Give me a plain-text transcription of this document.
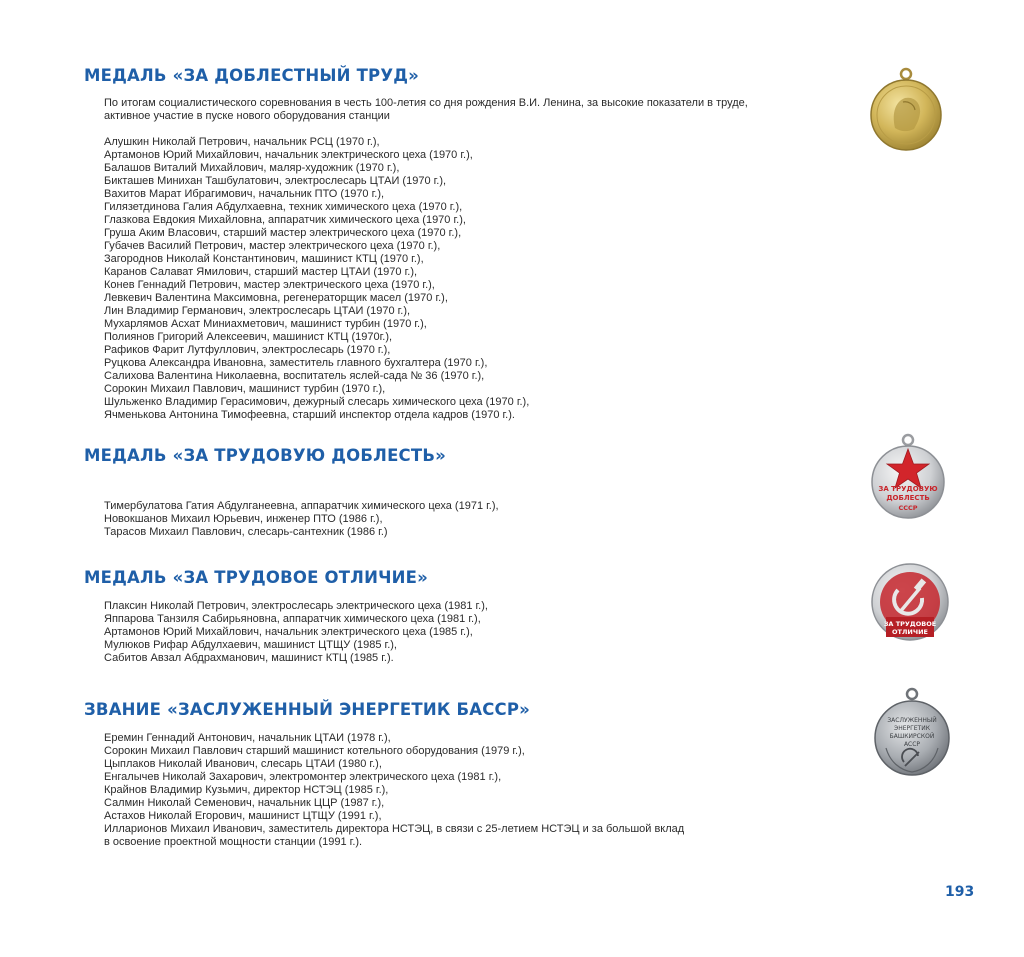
МЕДАЛЬ «ЗА ДОБЛЕСТНЫЙ ТРУД»
По итогам социалистического соревнования в честь 100-летия со дня рождения В.И. Ленина, за высокие показатели в труде, активное участие в пуске нового оборудования станции
Алушкин Николай Петрович, начальник РСЦ (1970 г.),
Артамонов Юрий Михайлович, начальник электрического цеха (1970 г.),
Балашов Виталий Михайлович, маляр-художник (1970 г.),
Бикташев Минихан Ташбулатович, электрослесарь ЦТАИ (1970 г.),
Вахитов Марат Ибрагимович, начальник ПТО (1970 г.),
Гилязетдинова Галия Абдулхаевна, техник химического цеха (1970 г.),
Глазкова Евдокия Михайловна, аппаратчик химического цеха (1970 г.),
Груша Аким Власович, старший мастер электрического цеха (1970 г.),
Губачев Василий Петрович, мастер электрического цеха (1970 г.),
Загороднов Николай Константинович, машинист КТЦ (1970 г.),
Каранов Салават Ямилович, старший мастер ЦТАИ (1970 г.),
Конев Геннадий Петрович, мастер электрического цеха (1970 г.),
Левкевич Валентина Максимовна, регенераторщик масел (1970 г.),
Лин Владимир Германович, электрослесарь ЦТАИ (1970 г.),
Мухарлямов Асхат Миниахметович, машинист турбин (1970 г.),
Полиянов Григорий Алексеевич, машинист КТЦ (1970г.),
Рафиков Фарит Лутфуллович, электрослесарь (1970 г.),
Руцкова Александра Ивановна, заместитель главного бухгалтера (1970 г.),
Салихова Валентина Николаевна, воспитатель яслей-сада № 36 (1970 г.),
Сорокин Михаил Павлович, машинист турбин (1970 г.),
Шульженко Владимир Герасимович, дежурный слесарь химического цеха (1970 г.),
Ячменькова Антонина Тимофеевна, старший инспектор отдела кадров (1970 г.).
МЕДАЛЬ «ЗА ТРУДОВУЮ ДОБЛЕСТЬ»
Тимербулатова Гатия Абдулганеевна, аппаратчик химического цеха (1971 г.),
Новокшанов Михаил Юрьевич, инженер ПТО (1986 г.),
Тарасов Михаил Павлович, слесарь-сантехник (1986 г.)
ЗА ТРУДОВУЮ
ДОБЛЕСТЬ
СССР
МЕДАЛЬ «ЗА ТРУДОВОЕ ОТЛИЧИЕ»
Плаксин Николай Петрович, электрослесарь электрического цеха (1981 г.),
Яппарова Танзиля Сабирьяновна, аппаратчик химического цеха (1981 г.),
Артамонов Юрий Михайлович, начальник электрического цеха (1985 г.),
Мулюков Рифар Абдулхаевич, машинист ЦТЩУ (1985 г.),
Сабитов Авзал Абдрахманович, машинист КТЦ (1985 г.).
ЗА ТРУДОВОЕ
ОТЛИЧИЕ
ЗВАНИЕ «ЗАСЛУЖЕННЫЙ ЭНЕРГЕТИК БАССР»
Еремин Геннадий Антонович, начальник ЦТАИ (1978 г.),
Сорокин Михаил Павлович старший машинист котельного оборудования (1979 г.),
Цыплаков Николай Иванович, слесарь ЦТАИ (1980 г.),
Енгалычев Николай Захарович, электромонтер электрического цеха (1981 г.),
Крайнов Владимир Кузьмич, директор НСТЭЦ (1985 г.),
Салмин Николай Семенович, начальник ЦЦР (1987 г.),
Астахов Николай Егорович, машинист ЦТЩУ (1991 г.),
Илларионов Михаил Иванович, заместитель директора НСТЭЦ, в связи с 25-летием НСТЭЦ и за большой вклад
в освоение проектной мощности станции (1991 г.).
ЗАСЛУЖЕННЫЙ
ЭНЕРГЕТИК
БАШКИРСКОЙ
АССР
193
